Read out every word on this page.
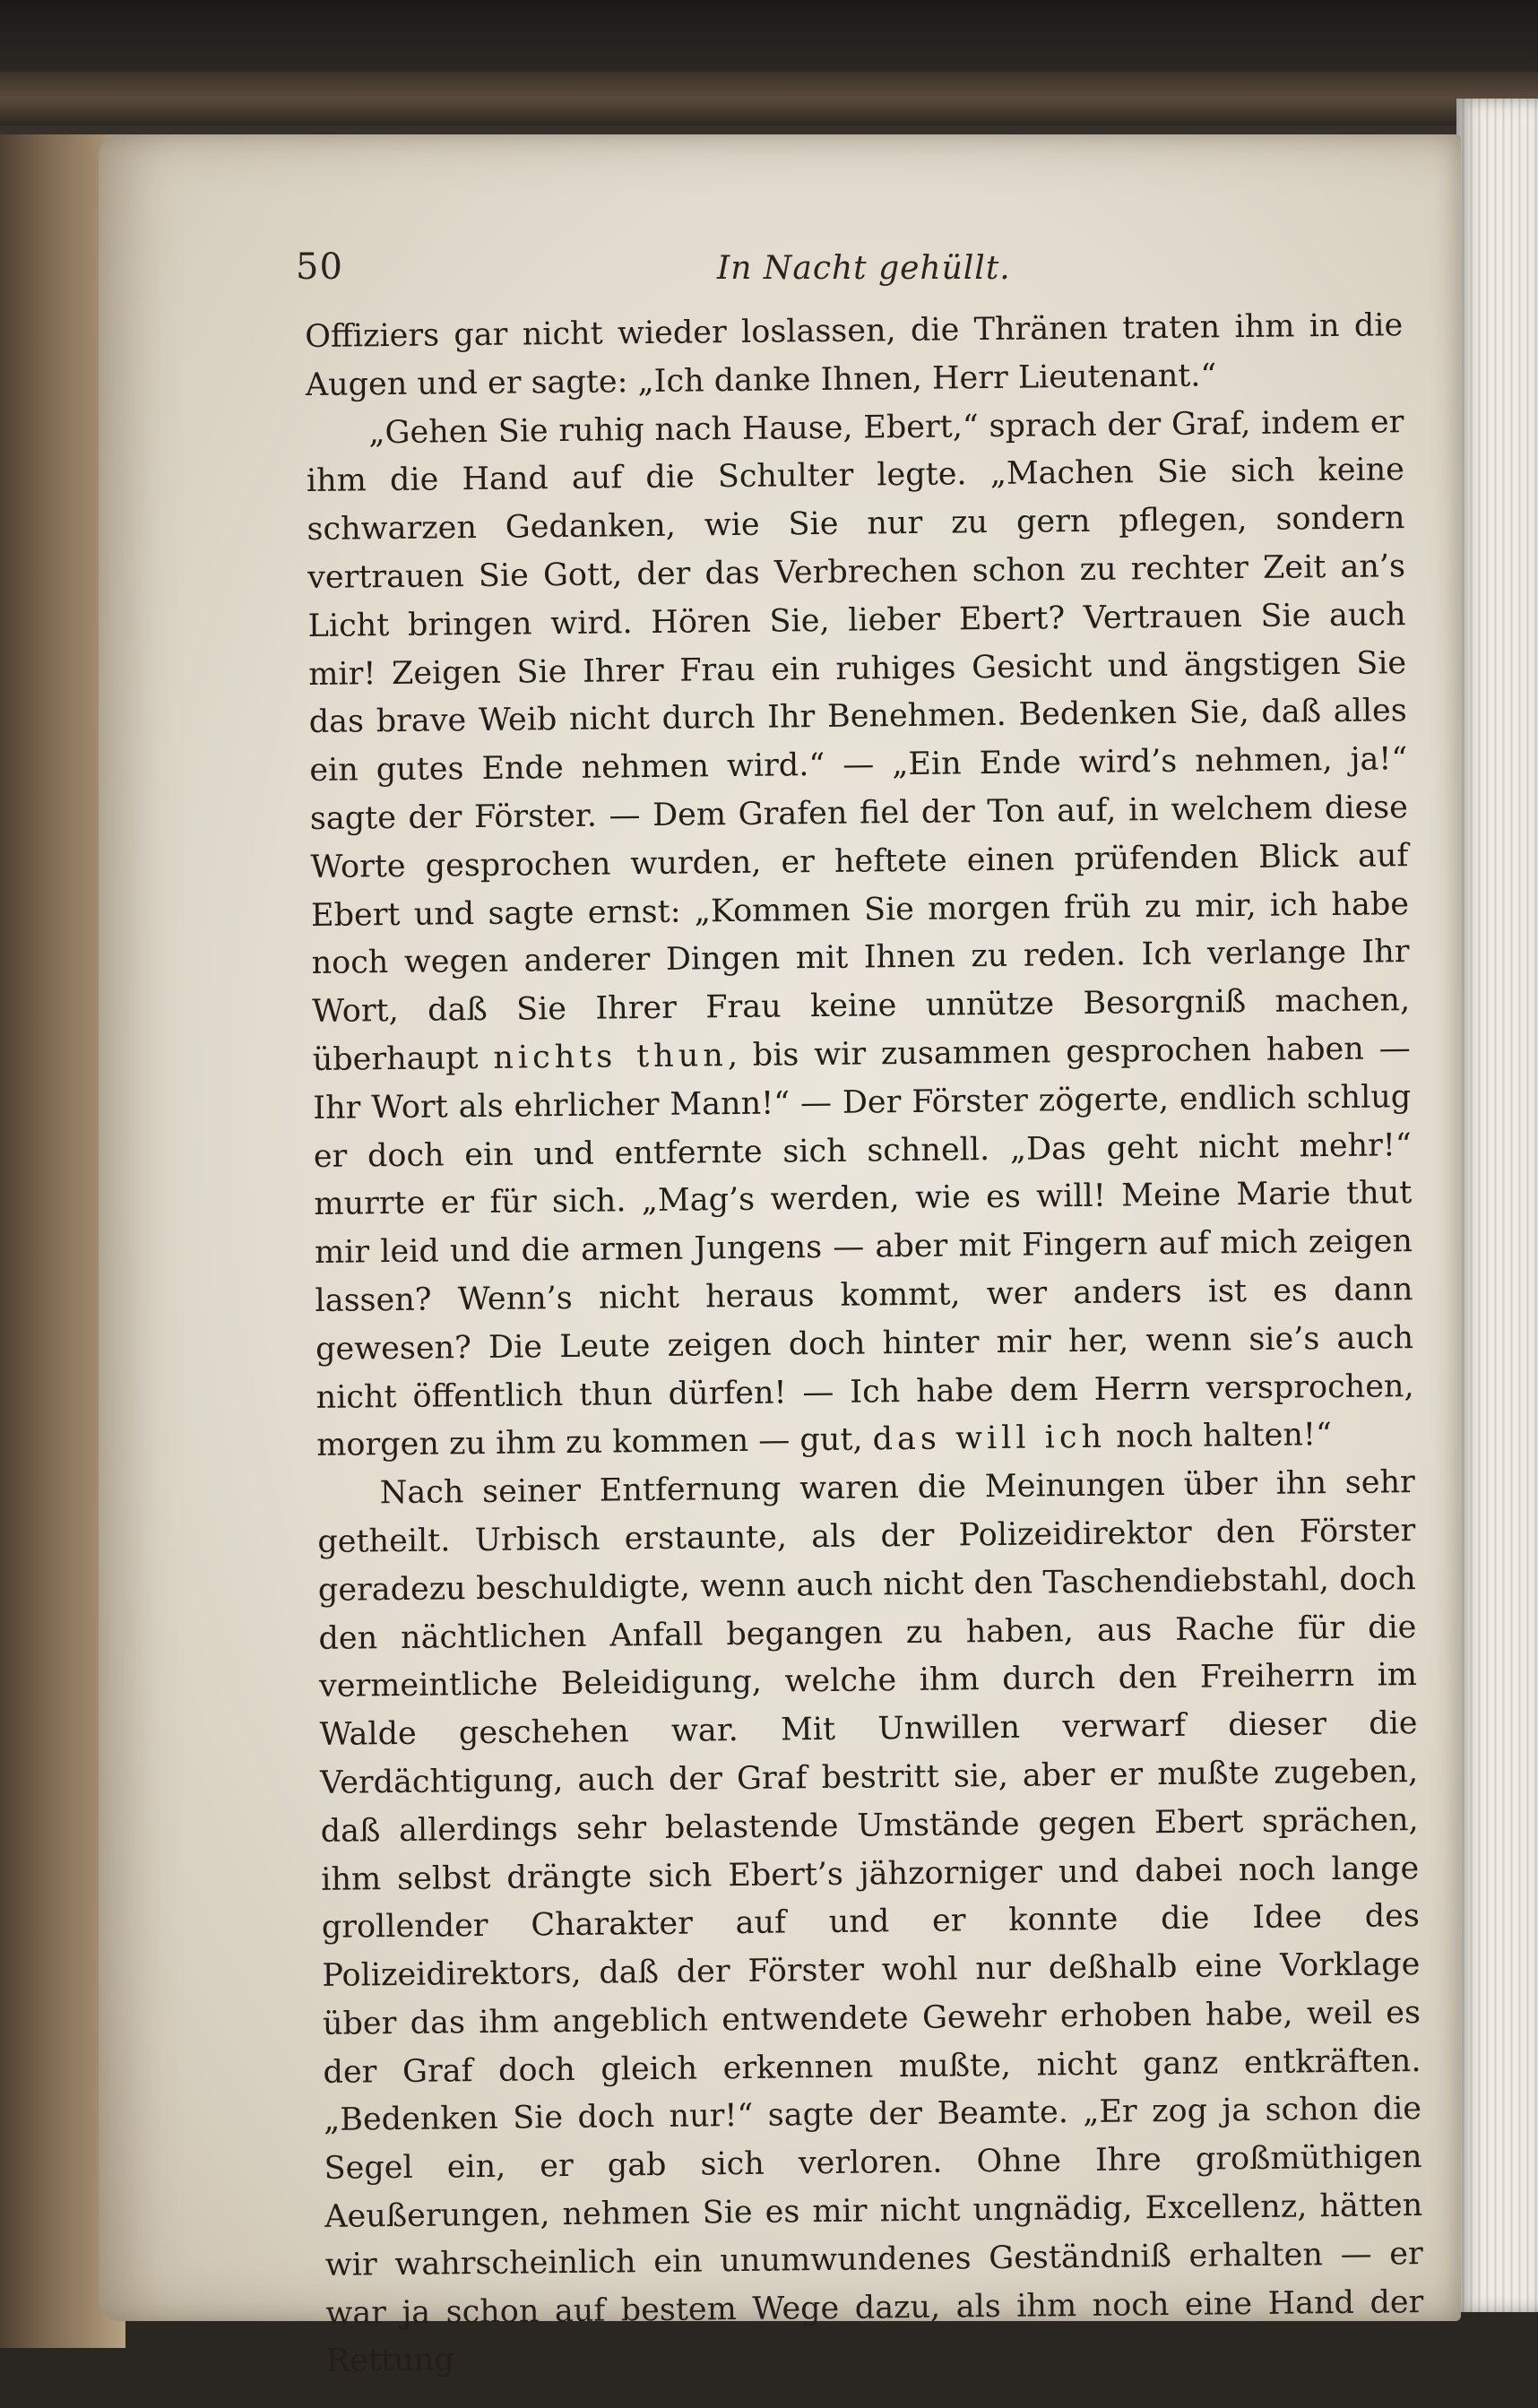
50	In Nacht gehüllt.

Offiziers gar nicht wieder loslassen, die Thränen traten ihm in die Augen und er sagte: „Ich danke Ihnen, Herr Lieutenant.“

„Gehen Sie ruhig nach Hause, Ebert,“ sprach der Graf, indem er ihm die Hand auf die Schulter legte. „Machen Sie sich keine schwarzen Gedanken, wie Sie nur zu gern pflegen, sondern vertrauen Sie Gott, der das Verbrechen schon zu rechter Zeit an’s Licht bringen wird. Hören Sie, lieber Ebert? Vertrauen Sie auch mir! Zeigen Sie Ihrer Frau ein ruhiges Gesicht und ängstigen Sie das brave Weib nicht durch Ihr Benehmen. Bedenken Sie, daß alles ein gutes Ende nehmen wird.“ — „Ein Ende wird’s nehmen, ja!“ sagte der Förster. — Dem Grafen fiel der Ton auf, in welchem diese Worte gesprochen wurden, er heftete einen prüfenden Blick auf Ebert und sagte ernst: „Kommen Sie morgen früh zu mir, ich habe noch wegen anderer Dingen mit Ihnen zu reden. Ich verlange Ihr Wort, daß Sie Ihrer Frau keine unnütze Besorgniß machen, überhaupt nichts thun, bis wir zusammen gesprochen haben — Ihr Wort als ehrlicher Mann!“ — Der Förster zögerte, endlich schlug er doch ein und entfernte sich schnell. „Das geht nicht mehr!“ murrte er für sich. „Mag’s werden, wie es will! Meine Marie thut mir leid und die armen Jungens — aber mit Fingern auf mich zeigen lassen? Wenn’s nicht heraus kommt, wer anders ist es dann gewesen? Die Leute zeigen doch hinter mir her, wenn sie’s auch nicht öffentlich thun dürfen! — Ich habe dem Herrn versprochen, morgen zu ihm zu kommen — gut, das will ich noch halten!“

Nach seiner Entfernung waren die Meinungen über ihn sehr getheilt. Urbisch erstaunte, als der Polizeidirektor den Förster geradezu beschuldigte, wenn auch nicht den Taschendiebstahl, doch den nächtlichen Anfall begangen zu haben, aus Rache für die vermeintliche Beleidigung, welche ihm durch den Freiherrn im Walde geschehen war. Mit Unwillen verwarf dieser die Verdächtigung, auch der Graf bestritt sie, aber er mußte zugeben, daß allerdings sehr belastende Umstände gegen Ebert sprächen, ihm selbst drängte sich Ebert’s jähzorniger und dabei noch lange grollender Charakter auf und er konnte die Idee des Polizeidirektors, daß der Förster wohl nur deßhalb eine Vorklage über das ihm angeblich entwendete Gewehr erhoben habe, weil es der Graf doch gleich erkennen mußte, nicht ganz entkräften. „Bedenken Sie doch nur!“ sagte der Beamte. „Er zog ja schon die Segel ein, er gab sich verloren. Ohne Ihre großmüthigen Aeußerungen, nehmen Sie es mir nicht ungnädig, Excellenz, hätten wir wahrscheinlich ein unumwundenes Geständniß erhalten — er war ja schon auf bestem Wege dazu, als ihm noch eine Hand der Rettung
